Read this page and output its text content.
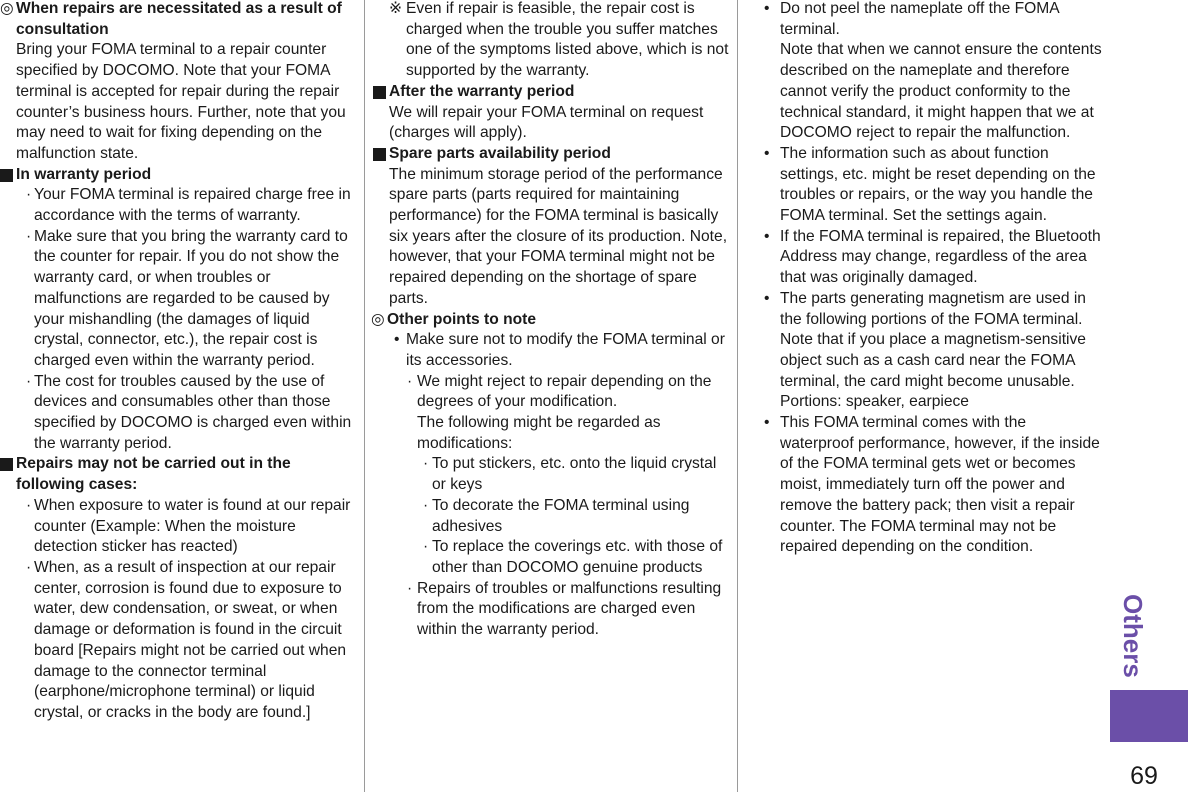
◎ When repairs are necessitated as a result of consultation

Bring your FOMA terminal to a repair counter specified by DOCOMO. Note that your FOMA terminal is accepted for repair during the repair counter’s business hours. Further, note that you may need to wait for fixing depending on the malfunction state.

In warranty period

· Your FOMA terminal is repaired charge free in accordance with the terms of warranty.

· Make sure that you bring the warranty card to the counter for repair. If you do not show the warranty card, or when troubles or malfunctions are regarded to be caused by your mishandling (the damages of liquid crystal, connector, etc.), the repair cost is charged even within the warranty period.

· The cost for troubles caused by the use of devices and consumables other than those specified by DOCOMO is charged even within the warranty period.

Repairs may not be carried out in the following cases:

· When exposure to water is found at our repair counter (Example: When the moisture detection sticker has reacted)

· When, as a result of inspection at our repair center, corrosion is found due to exposure to water, dew condensation, or sweat, or when damage or deformation is found in the circuit board [Repairs might not be carried out when damage to the connector terminal (earphone/microphone terminal) or liquid crystal, or cracks in the body are found.]

※ Even if repair is feasible, the repair cost is charged when the trouble you suffer matches one of the symptoms listed above, which is not supported by the warranty.

After the warranty period

We will repair your FOMA terminal on request (charges will apply).

Spare parts availability period

The minimum storage period of the performance spare parts (parts required for maintaining performance) for the FOMA terminal is basically six years after the closure of its production. Note, however, that your FOMA terminal might not be repaired depending on the shortage of spare parts.

◎ Other points to note

• Make sure not to modify the FOMA terminal or its accessories.

· We might reject to repair depending on the degrees of your modification.

The following might be regarded as modifications:

· To put stickers, etc. onto the liquid crystal or keys

· To decorate the FOMA terminal using adhesives

· To replace the coverings etc. with those of other than DOCOMO genuine products

· Repairs of troubles or malfunctions resulting from the modifications are charged even within the warranty period.

• Do not peel the nameplate off the FOMA terminal.

Note that when we cannot ensure the contents described on the nameplate and therefore cannot verify the product conformity to the technical standard, it might happen that we at DOCOMO reject to repair the malfunction.

• The information such as about function settings, etc. might be reset depending on the troubles or repairs, or the way you handle the FOMA terminal. Set the settings again.

• If the FOMA terminal is repaired, the Bluetooth Address may change, regardless of the area that was originally damaged.

• The parts generating magnetism are used in the following portions of the FOMA terminal. Note that if you place a magnetism-sensitive object such as a cash card near the FOMA terminal, the card might become unusable.

Portions: speaker, earpiece

• This FOMA terminal comes with the waterproof performance, however, if the inside of the FOMA terminal gets wet or becomes moist, immediately turn off the power and remove the battery pack; then visit a repair counter. The FOMA terminal may not be repaired depending on the condition.

Others
69
